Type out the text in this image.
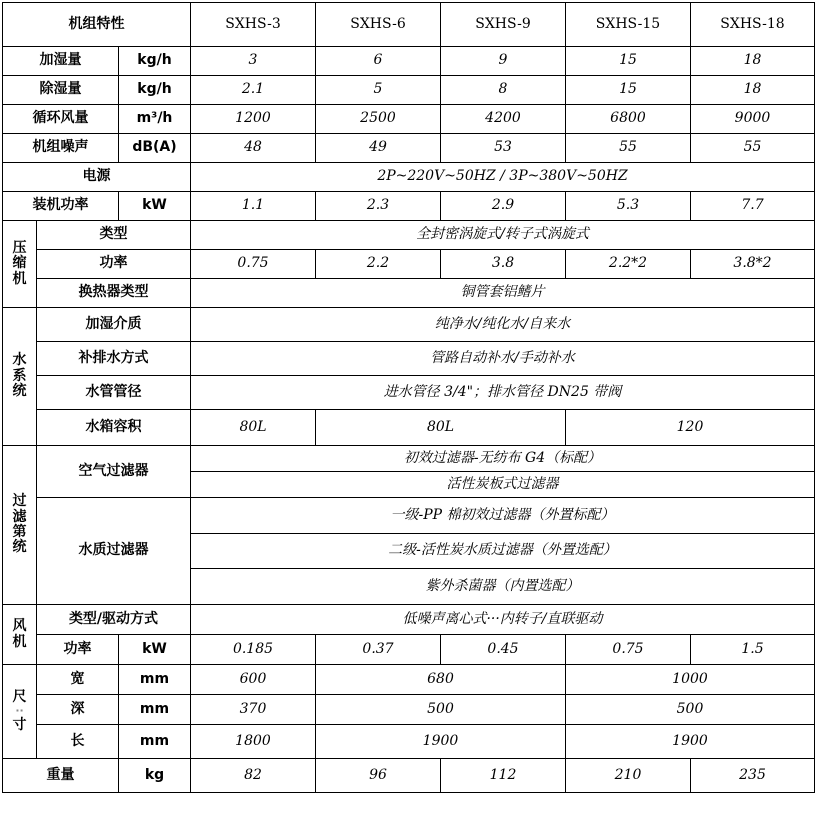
机组特性			SXHS-3	SXHS-6	SXHS-9	SXHS-15	SXHS-18
加湿量		kg/h	3	6	9	15	18
除湿量		kg/h	2.1	5	8	15	18
循环风量		m³/h	1200	2500	4200	6800	9000
机组噪声		dB(A)	48	49	53	55	55
电源			2P~220V~50HZ / 3P~380V~50HZ				
装机功率		kW	1.1	2.3	2.9	5.3	7.7

压
缩
机	类型		全封密涡旋式/转子式涡旋式				
	功率		0.75	2.2	3.8	2.2*2	3.8*2
	换热器类型		铜管套铝鳍片				

水
系
统	加湿介质		纯净水/纯化水/自来水				
	补排水方式		管路自动补水/手动补水				
	水管管径		进水管径 3/4"；排水管径 DN25 带阀				
	水箱容积		80L	80L		120	

过
滤
第
统	空气过滤器		初效过滤器-无纺布 G4（标配）				
			活性炭板式过滤器				
	水质过滤器		一级-PP 棉初效过滤器（外置标配）				
			二级-活性炭水质过滤器（外置选配）				
			紫外杀菌器（内置选配）				

风
机	类型/驱动方式		低噪声离心式···内转子/直联驱动				
	功率	kW	0.185	0.37	0.45	0.75	1.5

尺
··
寸	宽	mm	600	680		1000	
	深	mm	370	500		500	
	长	mm	1800	1900		1900	
重量		kg	82	96	112	210	235
